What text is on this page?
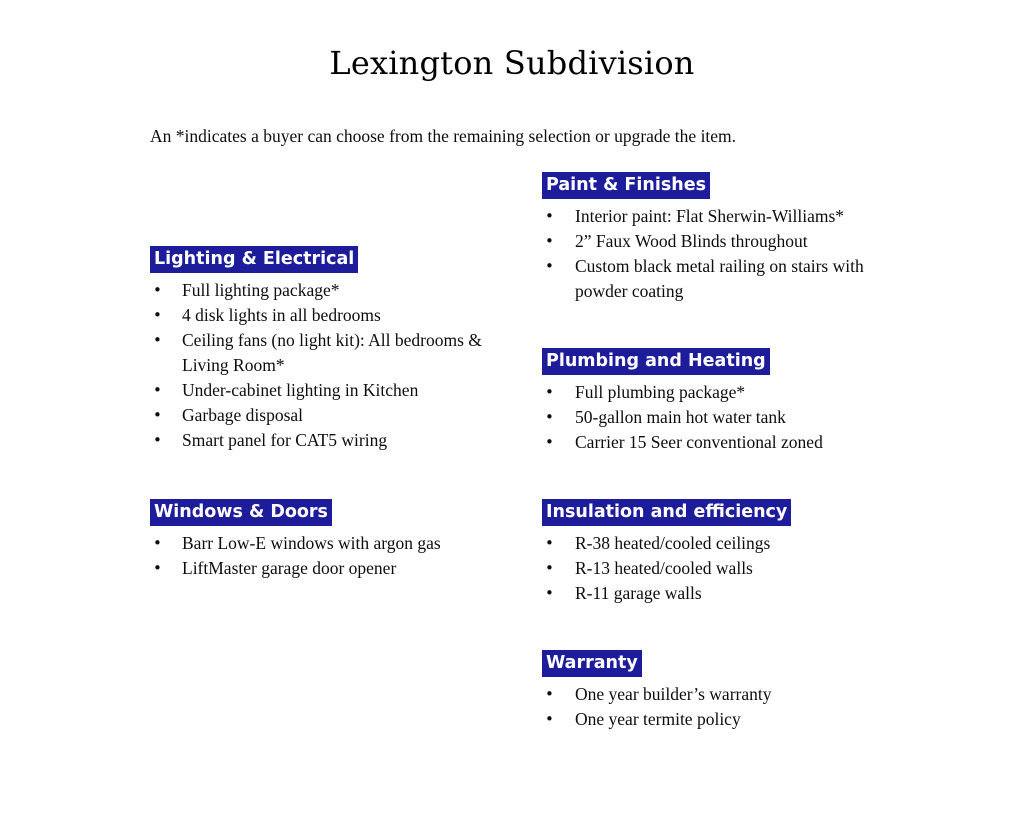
Lexington Subdivision

An *indicates a buyer can choose from the remaining selection or upgrade the item.

Lighting & Electrical
• Full lighting package*
• 4 disk lights in all bedrooms
• Ceiling fans (no light kit): All bedrooms & Living Room*
• Under-cabinet lighting in Kitchen
• Garbage disposal
• Smart panel for CAT5 wiring
Windows & Doors
• Barr Low-E windows with argon gas
• LiftMaster garage door opener
Paint & Finishes
• Interior paint: Flat Sherwin-Williams*
• 2” Faux Wood Blinds throughout
• Custom black metal railing on stairs with powder coating
Plumbing and Heating
• Full plumbing package*
• 50-gallon main hot water tank
• Carrier 15 Seer conventional zoned
Insulation and efficiency
• R-38 heated/cooled ceilings
• R-13 heated/cooled walls
• R-11 garage walls
Warranty
• One year builder’s warranty
• One year termite policy
